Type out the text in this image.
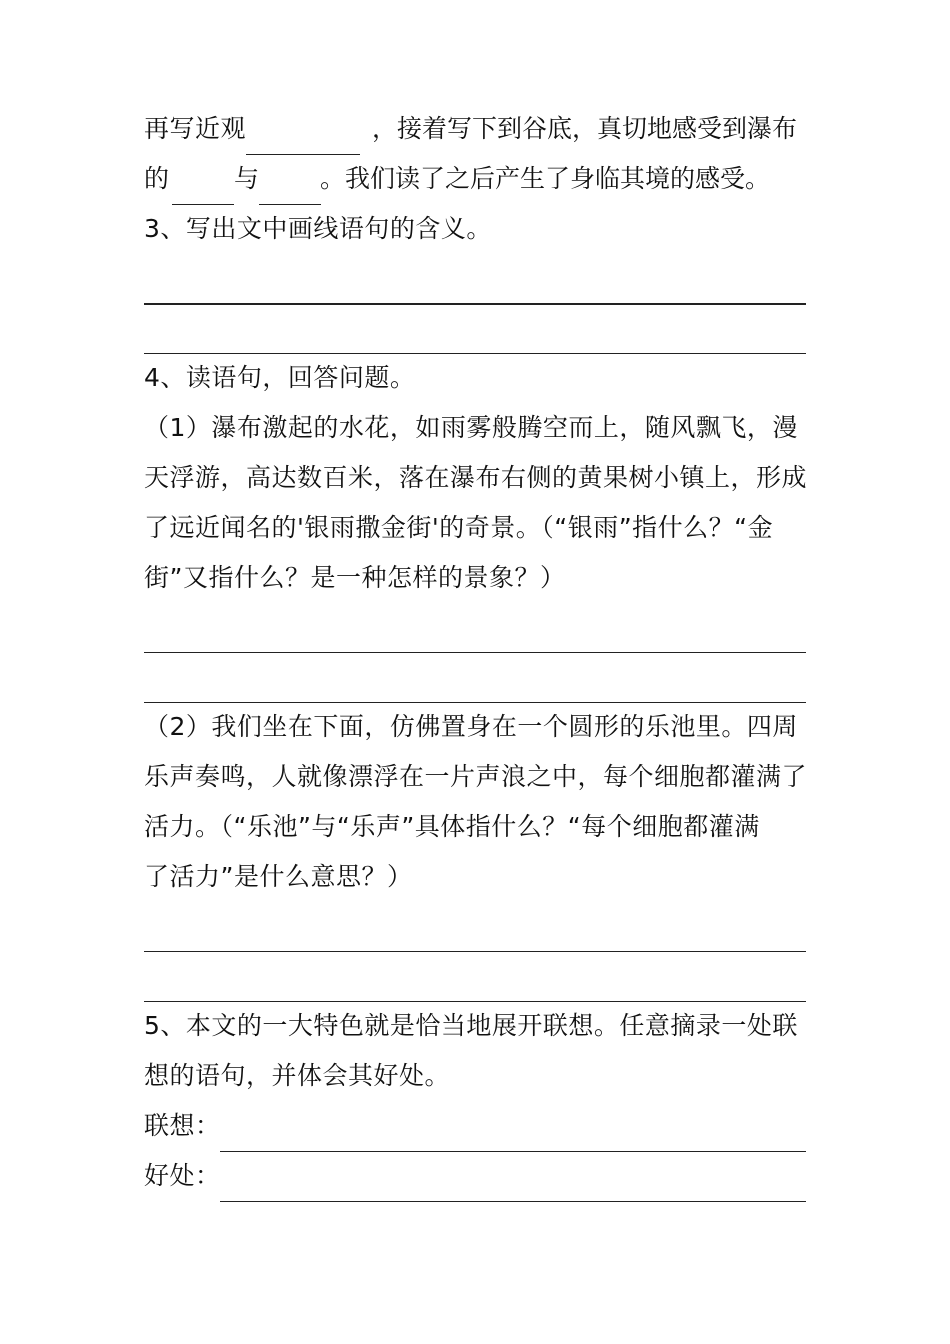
再写近观	，接着写下到谷底，真切地感受到瀑布
的	与 。我们读了之后产生了身临其境的感受。
3、写出文中画线语句的含义。
4、读语句，回答问题。
（1）瀑布激起的水花，如雨雾般腾空而上，随风飘飞，漫
天浮游，高达数百米，落在瀑布右侧的黄果树小镇上，形成
了远近闻名的'银雨撒金街'的奇景。（“银雨”指什么？“金
街”又指什么？是一种怎样的景象？）
（2）我们坐在下面，仿佛置身在一个圆形的乐池里。四周
乐声奏鸣，人就像漂浮在一片声浪之中，每个细胞都灌满了
活力。（“乐池”与“乐声”具体指什么？“每个细胞都灌满
了活力”是什么意思？）
5、本文的一大特色就是恰当地展开联想。任意摘录一处联
想的语句，并体会其好处。
联想：
好处：
